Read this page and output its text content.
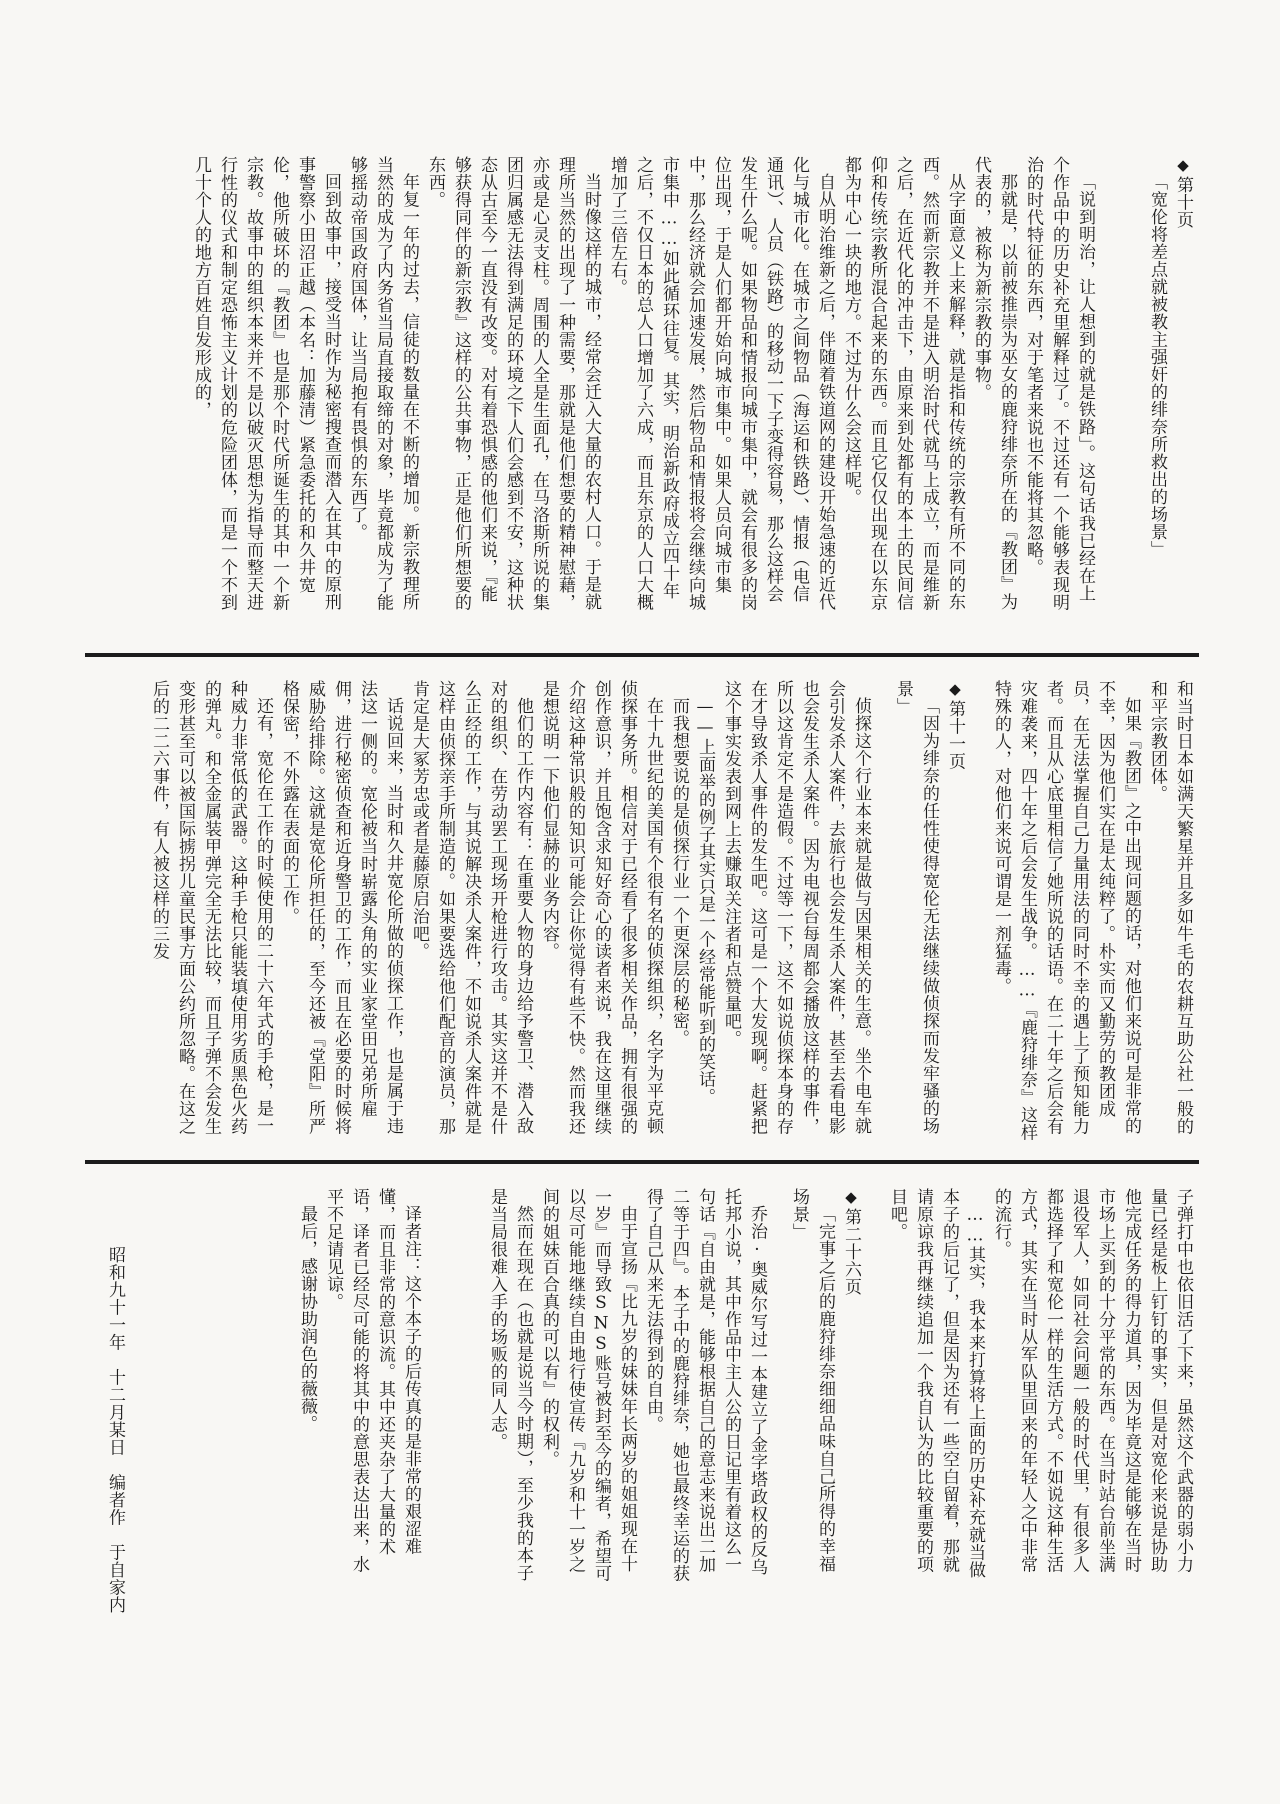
◆第十页

「宽伦将差点就被教主强奸的绯奈所救出的场景」

「说到明治，让人想到的就是铁路」。这句话我已经在上个作品中的历史补充里解释过了。不过还有一个能够表现明治的时代特征的东西，对于笔者来说也不能将其忽略。

那就是，以前被推崇为巫女的鹿狩绯奈所在的『教团』为代表的，被称为新宗教的事物。

从字面意义上来解释，就是指和传统的宗教有所不同的东西。然而新宗教并不是进入明治时代就马上成立，而是维新之后，在近代化的冲击下，由原来到处都有的本土的民间信仰和传统宗教所混合起来的东西。而且它仅仅出现在以东京都为中心一块的地方。不过为什么会这样呢。

自从明治维新之后，伴随着铁道网的建设开始急速的近代化与城市化。在城市之间物品（海运和铁路）、情报（电信通讯）、人员（铁路）的移动一下子变得容易，那么这样会发生什么呢。如果物品和情报向城市集中，就会有很多的岗位出现，于是人们都开始向城市集中。如果人员向城市集中，那么经济就会加速发展，然后物品和情报将会继续向城市集中……如此循环往复。其实，明治新政府成立四十年之后，不仅日本的总人口增加了六成，而且东京的人口大概增加了三倍左右。

当时像这样的城市，经常会迁入大量的农村人口。于是就理所当然的出现了一种需要，那就是他们想要的精神慰藉，亦或是心灵支柱。周围的人全是生面孔，在马洛斯所说的集团归属感无法得到满足的环境之下人们会感到不安，这种状态从古至今一直没有改变。对有着恐惧感的他们来说，『能够获得同伴的新宗教』这样的公共事物，正是他们所想要的东西。

年复一年的过去，信徒的数量在不断的增加。新宗教理所当然的成为了内务省当局直接取缔的对象，毕竟都成为了能够摇动帝国政府国体，让当局抱有畏惧的东西了。

回到故事中，接受当时作为秘密搜查而潜入在其中的原刑事警察小田沼正越（本名：加藤清）紧急委托的和久井宽伦，他所破坏的『教团』也是那个时代所诞生的其中一个新宗教。故事中的组织本来并不是以破灭思想为指导而整天进行性的仪式和制定恐怖主义计划的危险团体，而是一个不到几十个人的地方百姓自发形成的，

和当时日本如满天繁星并且多如牛毛的农耕互助公社一般的和平宗教团体。

如果『教团』之中出现问题的话，对他们来说可是非常的不幸，因为他们实在是太纯粹了。朴实而又勤劳的教团成员，在无法掌握自己力量用法的同时不幸的遇上了预知能力者。而且从心底里相信了她所说的话语。在二十年之后会有灾难袭来，四十年之后会发生战争。……『鹿狩绯奈』这样特殊的人，对他们来说可谓是一剂猛毒。

◆第十一页

「因为绯奈的任性使得宽伦无法继续做侦探而发牢骚的场景」

侦探这个行业本来就是做与因果相关的生意。坐个电车就会引发杀人案件，去旅行也会发生杀人案件，甚至去看电影也会发生杀人案件。因为电视台每周都会播放这样的事件，所以这肯定不是造假。不过等一下，这不如说侦探本身的存在才导致杀人事件的发生吧。这可是一个大发现啊。赶紧把这个事实发表到网上去赚取关注者和点赞量吧。

——上面举的例子其实只是一个经常能听到的笑话。

而我想要说的是侦探行业一个更深层的秘密。

在十九世纪的美国有个很有名的侦探组织，名字为平克顿侦探事务所。相信对于已经看了很多相关作品，拥有很强的创作意识，并且饱含求知好奇心的读者来说，我在这里继续介绍这种常识般的知识可能会让你觉得有些不快。然而我还是想说明一下他们显赫的业务内容。

他们的工作内容有：在重要人物的身边给予警卫、潜入敌对的组织、在劳动罢工现场开枪进行攻击。其实这并不是什么正经的工作，与其说解决杀人案件，不如说杀人案件就是这样由侦探亲手所制造的。如果要选给他们配音的演员，那肯定是大冢芳忠或者是藤原启治吧。

话说回来，当时和久井宽伦所做的侦探工作，也是属于违法这一侧的。宽伦被当时崭露头角的实业家堂田兄弟所雇佣，进行秘密侦查和近身警卫的工作，而且在必要的时候将威胁给排除。这就是宽伦所担任的，至今还被『堂阳』所严格保密，不外露在表面的工作。

还有，宽伦在工作的时候使用的二十六年式的手枪，是一种威力非常低的武器。这种手枪只能装填使用劣质黑色火药的弹丸。和全金属装甲弹完全无法比较，而且子弹不会发生变形甚至可以被国际掳拐儿童民事方面公约所忽略。在这之后的二二六事件，有人被这样的三发

子弹打中也依旧活了下来，虽然这个武器的弱小力量已经是板上钉钉的事实，但是对宽伦来说是协助他完成任务的得力道具，因为毕竟这是能够在当时市场上买到的十分平常的东西。在当时站台前坐满退役军人，如同社会问题一般的时代里，有很多人都选择了和宽伦一样的生活方式。不如说这种生活方式，其实在当时从军队里回来的年轻人之中非常的流行。

……其实，我本来打算将上面的历史补充就当做本子的后记了，但是因为还有一些空白留着，那就请原谅我再继续追加一个我自认为的比较重要的项目吧。

◆第二十六页

「完事之后的鹿狩绯奈细细品味自己所得的幸福场景」

乔治·奥威尔写过一本建立了金字塔政权的反乌托邦小说，其中作品中主人公的日记里有着这么一句话『自由就是，能够根据自己的意志来说出二加二等于四』。本子中的鹿狩绯奈，她也最终幸运的获得了自己从来无法得到的自由。

由于宣扬『比九岁的妹妹年长两岁的姐姐现在十一岁』而导致SNS账号被封至今的编者，希望可以尽可能地继续自由地行使宣传『九岁和十一岁之间的姐妹百合真的可以有』的权利。

然而在现在（也就是说当今时期），至少我的本子是当局很难入手的场贩的同人志。

译者注：这个本子的后传真的是非常的艰涩难懂，而且非常的意识流。其中还夹杂了大量的术语，译者已经尽可能的将其中的意思表达出来，水平不足请见谅。

最后，感谢协助润色的薇薇。

昭和九十一年　十二月某日　编者作　于自家内
